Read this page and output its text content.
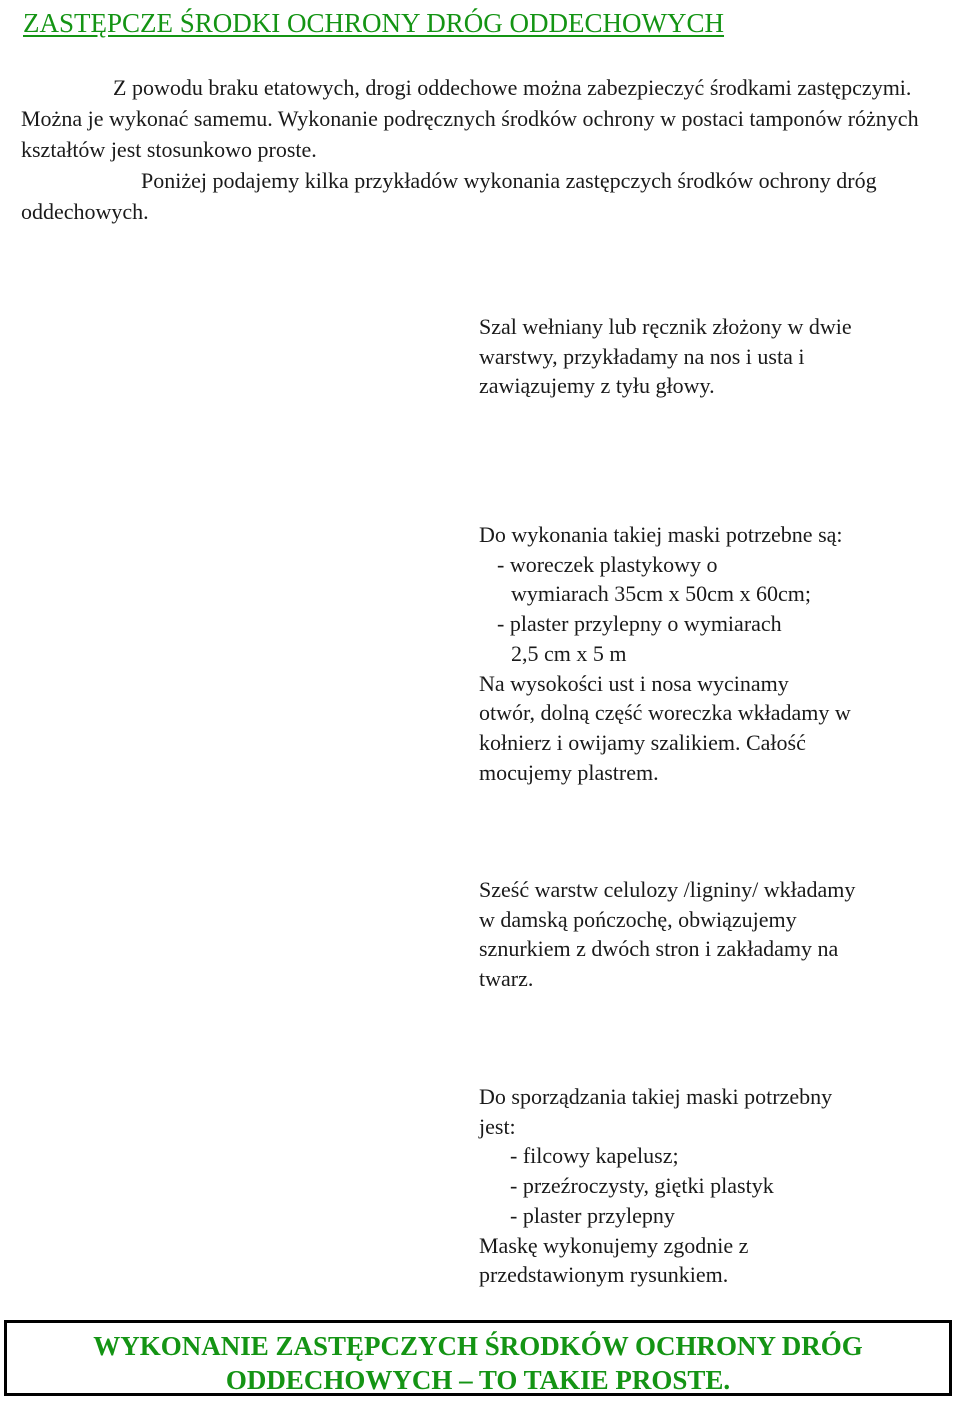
ZASTĘPCZE ŚRODKI OCHRONY DRÓG ODDECHOWYCH
Z powodu braku etatowych, drogi oddechowe można zabezpieczyć środkami zastępczymi. Można je wykonać samemu. Wykonanie podręcznych środków ochrony w postaci tamponów różnych kształtów jest stosunkowo proste.
Poniżej podajemy kilka przykładów wykonania zastępczych środków ochrony dróg oddechowych.
Szal wełniany lub ręcznik złożony w dwie
warstwy, przykładamy na nos i usta i
zawiązujemy z tyłu głowy.
Do wykonania takiej maski potrzebne są:
- woreczek plastykowy o
wymiarach 35cm x 50cm x 60cm;
- plaster przylepny o wymiarach
2,5 cm x 5 m
Na wysokości ust i nosa wycinamy
otwór, dolną część woreczka wkładamy w
kołnierz i owijamy szalikiem. Całość
mocujemy plastrem.
Sześć warstw celulozy /ligniny/ wkładamy
w damską pończochę, obwiązujemy
sznurkiem z dwóch stron i zakładamy na
twarz.
Do sporządzania takiej maski potrzebny
jest:
- filcowy kapelusz;
- przeźroczysty, giętki plastyk
- plaster przylepny
Maskę wykonujemy zgodnie z
przedstawionym rysunkiem.
WYKONANIE ZASTĘPCZYCH ŚRODKÓW OCHRONY DRÓG
ODDECHOWYCH – TO TAKIE PROSTE.
